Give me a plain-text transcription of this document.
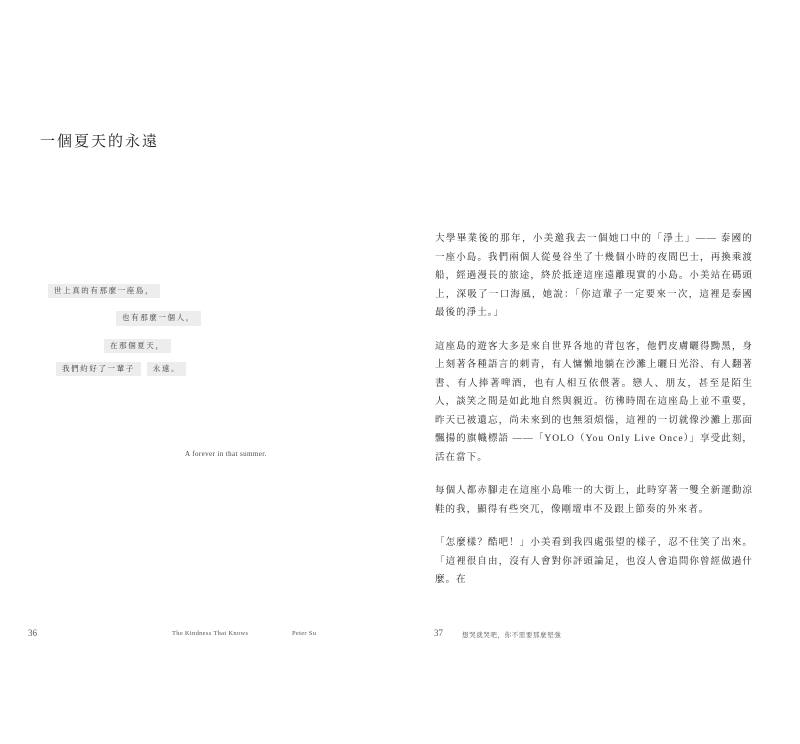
一個夏天的永遠
世上真的有那麼一座島，
也有那麼一個人，
在那個夏天，
我們約好了一輩子	永遠。
A forever in that summer.
36	The Kindness That Knows	Peter Su

大學畢業後的那年，小美邀我去一個她口中的「淨土」—— 泰國的一座小島。我們兩個人從曼谷坐了十幾個小時的夜間巴士，再換乘渡船，經過漫長的旅途，終於抵達這座遠離現實的小島。小美站在碼頭上，深吸了一口海風，她說：「你這輩子一定要來一次，這裡是泰國最後的淨土。」

這座島的遊客大多是來自世界各地的背包客，他們皮膚曬得黝黑，身上刻著各種語言的刺青，有人慵懶地躺在沙灘上曬日光浴、有人翻著書、有人捧著啤酒，也有人相互依偎著。戀人、朋友，甚至是陌生人，談笑之間是如此地自然與親近。彷彿時間在這座島上並不重要，昨天已被遺忘，尚未來到的也無須煩惱，這裡的一切就像沙灘上那面飄揚的旗幟標語 ——「YOLO（You Only Live Once）」享受此刻， 活在當下。

每個人都赤腳走在這座小島唯一的大街上，此時穿著一雙全新運動涼鞋的我，顯得有些突兀，像剛壇車不及跟上節奏的外來者。

「怎麼樣？酷吧！」小美看到我四處張望的樣子，忍不住笑了出來。「這裡很自由，沒有人會對你評頭論足，也沒人會追問你曾經做過什麼。在

37	想哭就哭吧，你不需要那麼堅強
